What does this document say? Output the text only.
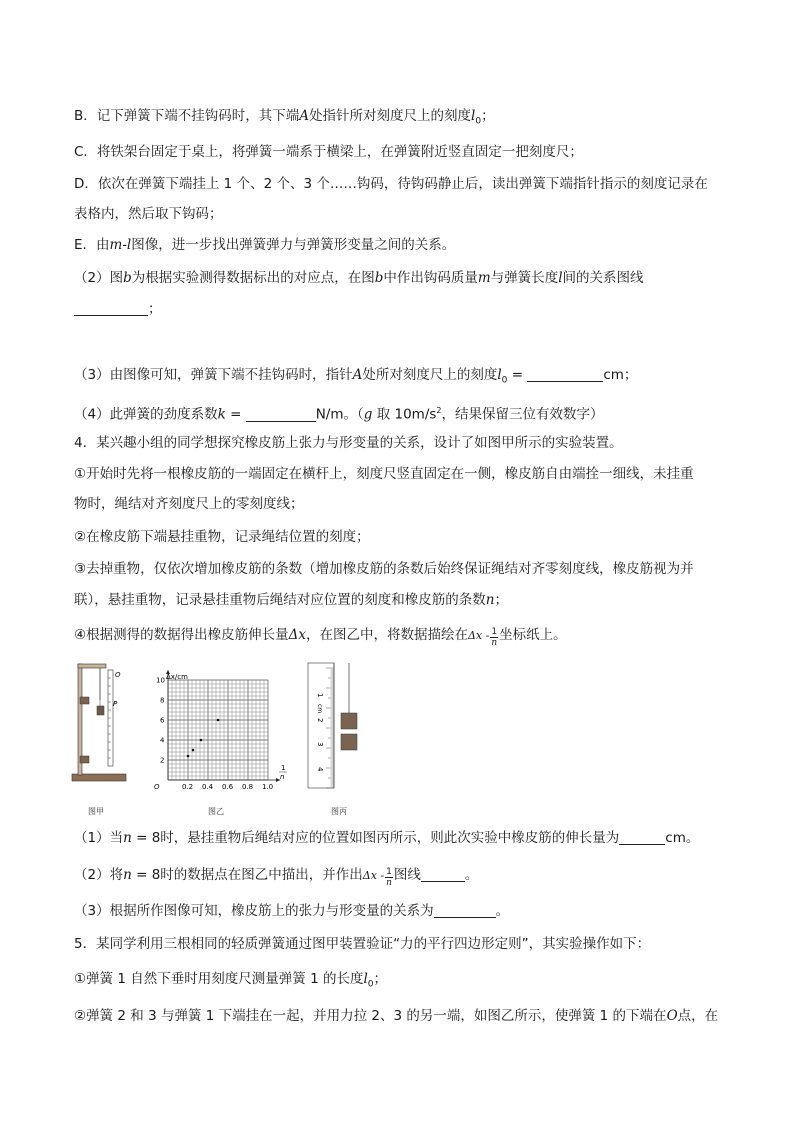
B．记下弹簧下端不挂钩码时，其下端A处指针所对刻度尺上的刻度$l_0$；
C．将铁架台固定于桌上，将弹簧一端系于横梁上，在弹簧附近竖直固定一把刻度尺；
D．依次在弹簧下端挂上 1 个、2 个、3 个……钩码，待钩码静止后，读出弹簧下端指针指示的刻度记录在
表格内，然后取下钩码；
E．由m-l图像，进一步找出弹簧弹力与弹簧形变量之间的关系。
（2）图b为根据实验测得数据标出的对应点，在图b中作出钩码质量m与弹簧长度l间的关系图线
；
（3）由图像可知，弹簧下端不挂钩码时，指针A处所对刻度尺上的刻度$l_0$ =	cm；
（4）此弹簧的劲度系数k =	N/m。（g 取 $10m/s^2$，结果保留三位有效数字）
4．某兴趣小组的同学想探究橡皮筋上张力与形变量的关系，设计了如图甲所示的实验装置。
①开始时先将一根橡皮筋的一端固定在横杆上，刻度尺竖直固定在一侧，橡皮筋自由端拴一细线，未挂重
物时，绳结对齐刻度尺上的零刻度线；
②在橡皮筋下端悬挂重物，记录绳结位置的刻度；
③去掉重物，仅依次增加橡皮筋的条数（增加橡皮筋的条数后始终保证绳结对齐零刻度线，橡皮筋视为并
联），悬挂重物，记录悬挂重物后绳结对应位置的刻度和橡皮筋的条数n；
④根据测得的数据得出橡皮筋伸长量Δx，在图乙中，将数据描绘在Δx - $\frac{1}{n}$ 坐标纸上。
O
P
图甲
0.2 0.4 0.6 0.8 1.0
2
4
6
8
10 Δx/cm
O
1
n
图乙
1
cm
2
3
4
图丙
（1）当n = 8时，悬挂重物后绳结对应的位置如图丙所示，则此次实验中橡皮筋的伸长量为	cm。
（2）将n = 8时的数据点在图乙中描出，并作出Δx - $\frac{1}{n}$ 图线	。
（3）根据所作图像可知，橡皮筋上的张力与形变量的关系为	。
5．某同学利用三根相同的轻质弹簧通过图甲装置验证“力的平行四边形定则”，其实验操作如下：
①弹簧 1 自然下垂时用刻度尺测量弹簧 1 的长度$l_0$；
②弹簧 2 和 3 与弹簧 1 下端挂在一起，并用力拉 2、3 的另一端，如图乙所示，使弹簧 1 的下端在O点，在
